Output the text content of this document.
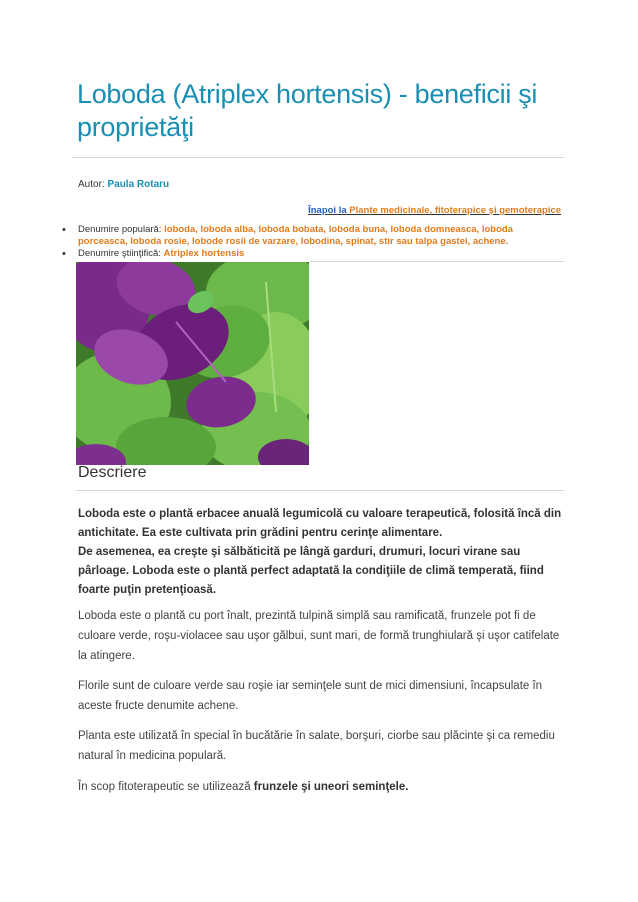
Loboda (Atriplex hortensis) - beneficii şi proprietăţi
Autor: Paula Rotaru
Înapoi la Plante medicinale, fitoterapice şi gemoterapice
• Denumire populară: loboda, loboda alba, loboda bobata, loboda buna, loboda domneasca, loboda porceasca, loboda rosie, lobode rosii de varzare, lobodina, spinat, stir sau talpa gastei, achene.
• Denumire ştiinţifică: Atriplex hortensis
Descriere

Loboda este o plantă erbacee anuală legumicolă cu valoare terapeutică, folosită încă din antichitate. Ea este cultivata prin grădini pentru cerinţe alimentare.

De asemenea, ea creşte şi sălbăticită pe lângă garduri, drumuri, locuri virane sau pârloage. Loboda este o plantă perfect adaptată la condiţiile de climă temperată, fiind foarte puţin pretenţioasă.

Loboda este o plantă cu port înalt, prezintă tulpină simplă sau ramificată, frunzele pot fi de culoare verde, roşu-violacee sau uşor gălbui, sunt mari, de formă trunghiulară şi uşor catifelate la atingere.

Florile sunt de culoare verde sau roşie iar seminţele sunt de mici dimensiuni, încapsulate în aceste fructe denumite achene.

Planta este utilizată în special în bucătărie în salate, borşuri, ciorbe sau plăcinte şi ca remediu natural în medicina populară.

În scop fitoterapeutic se utilizează frunzele şi uneori seminţele.
